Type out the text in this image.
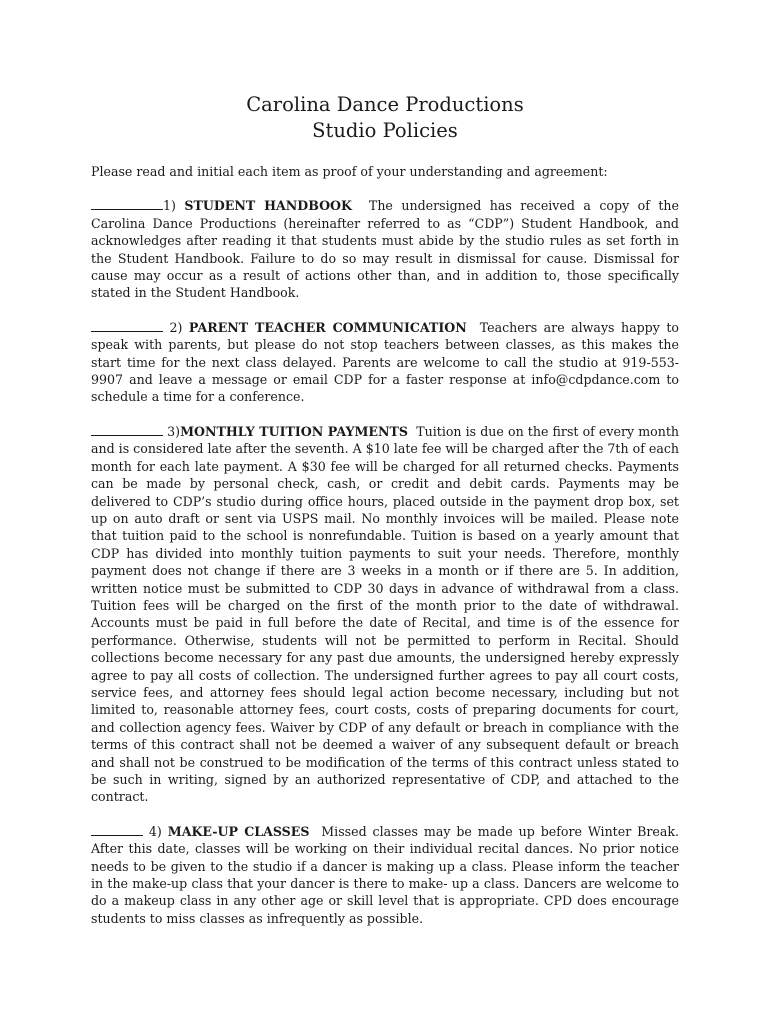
Carolina Dance Productions
Studio Policies

Please read and initial each item as proof of your understanding and agreement:

1) STUDENT HANDBOOK The undersigned has received a copy of the Carolina Dance Productions (hereinafter referred to as “CDP”) Student Handbook, and acknowledges after reading it that students must abide by the studio rules as set forth in the Student Handbook. Failure to do so may result in dismissal for cause. Dismissal for cause may occur as a result of actions other than, and in addition to, those specifically stated in the Student Handbook.

2) PARENT TEACHER COMMUNICATION Teachers are always happy to speak with parents, but please do not stop teachers between classes, as this makes the start time for the next class delayed. Parents are welcome to call the studio at 919-553-9907 and leave a message or email CDP for a faster response at info@cdpdance.com to schedule a time for a conference.

3)MONTHLY TUITION PAYMENTS Tuition is due on the first of every month and is considered late after the seventh. A $10 late fee will be charged after the 7th of each month for each late payment. A $30 fee will be charged for all returned checks. Payments can be made by personal check, cash, or credit and debit cards. Payments may be delivered to CDP’s studio during office hours, placed outside in the payment drop box, set up on auto draft or sent via USPS mail. No monthly invoices will be mailed. Please note that tuition paid to the school is nonrefundable. Tuition is based on a yearly amount that CDP has divided into monthly tuition payments to suit your needs. Therefore, monthly payment does not change if there are 3 weeks in a month or if there are 5. In addition, written notice must be submitted to CDP 30 days in advance of withdrawal from a class. Tuition fees will be charged on the first of the month prior to the date of withdrawal. Accounts must be paid in full before the date of Recital, and time is of the essence for performance. Otherwise, students will not be permitted to perform in Recital. Should collections become necessary for any past due amounts, the undersigned hereby expressly agree to pay all costs of collection. The undersigned further agrees to pay all court costs, service fees, and attorney fees should legal action become necessary, including but not limited to, reasonable attorney fees, court costs, costs of preparing documents for court, and collection agency fees. Waiver by CDP of any default or breach in compliance with the terms of this contract shall not be deemed a waiver of any subsequent default or breach and shall not be construed to be modification of the terms of this contract unless stated to be such in writing, signed by an authorized representative of CDP, and attached to the contract.

4) MAKE-UP CLASSES Missed classes may be made up before Winter Break. After this date, classes will be working on their individual recital dances. No prior notice needs to be given to the studio if a dancer is making up a class. Please inform the teacher in the make-up class that your dancer is there to make- up a class. Dancers are welcome to do a makeup class in any other age or skill level that is appropriate. CPD does encourage students to miss classes as infrequently as possible.
